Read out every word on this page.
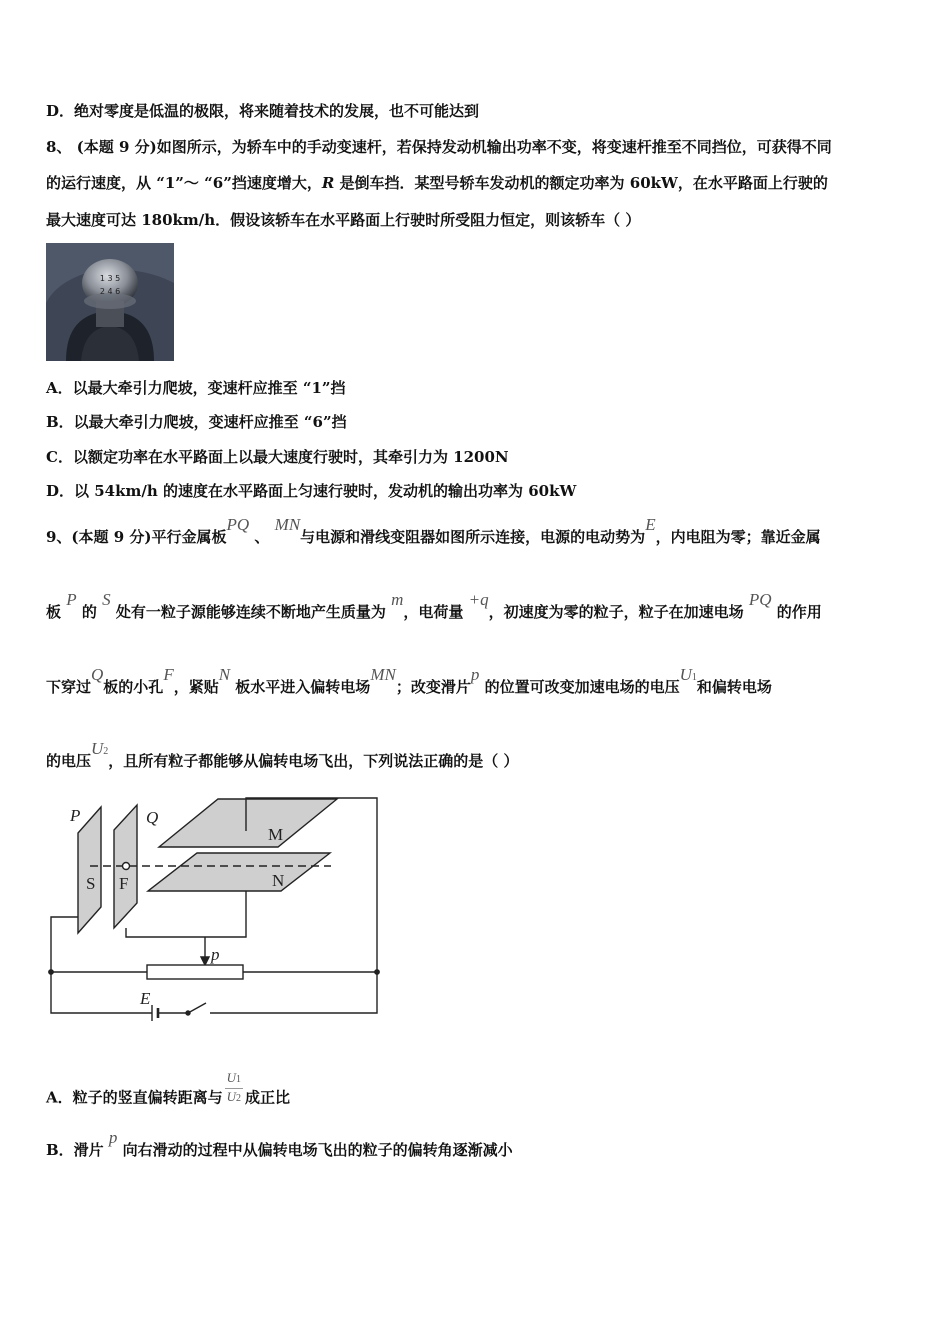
D．绝对零度是低温的极限，将来随着技术的发展，也不可能达到
8、 (本题 9 分)如图所示，为轿车中的手动变速杆，若保持发动机输出功率不变，将变速杆推至不同挡位，可获得不同
的运行速度，从 “1”～ “6”挡速度增大，R 是倒车挡．某型号轿车发动机的额定功率为 60kW，在水平路面上行驶的
最大速度可达 180km/h．假设该轿车在水平路面上行驶时所受阻力恒定，则该轿车（ ）
1 3 5
2 4 6
A．以最大牵引力爬坡，变速杆应推至 “1”挡
B．以最大牵引力爬坡，变速杆应推至 “6”挡
C．以额定功率在水平路面上以最大速度行驶时，其牵引力为 1200N
D．以 54km/h 的速度在水平路面上匀速行驶时，发动机的输出功率为 60kW
9、(本题 9 分)平行金属板PQ 、 MN与电源和滑线变阻器如图所示连接，电源的电动势为E，内电阻为零；靠近金属
板 P 的 S 处有一粒子源能够连续不断地产生质量为 m，电荷量 +q，初速度为零的粒子，粒子在加速电场 PQ 的作用
下穿过Q板的小孔F，紧贴N 板水平进入偏转电场MN；改变滑片p 的位置可改变加速电场的电压U1和偏转电场
的电压U2，且所有粒子都能够从偏转电场飞出，下列说法正确的是（ ）
P	Q
M
N
S F
p
E
A．粒子的竖直偏转距离与 $\frac{U1}{U2}$ 成正比
B．滑片 p 向右滑动的过程中从偏转电场飞出的粒子的偏转角逐渐减小
